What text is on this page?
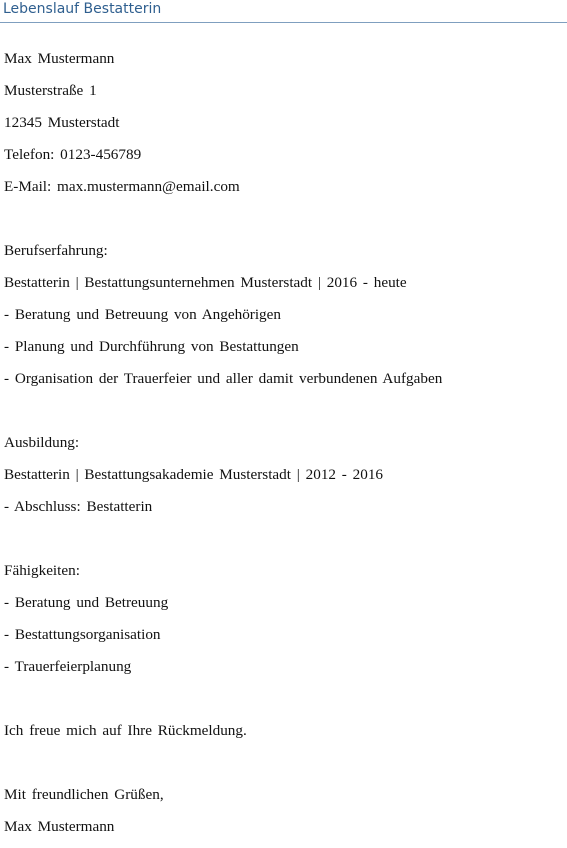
Lebenslauf Bestatterin
Max Mustermann
Musterstraße 1
12345 Musterstadt
Telefon: 0123-456789
E-Mail: max.mustermann@email.com
Berufserfahrung:
Bestatterin | Bestattungsunternehmen Musterstadt | 2016 - heute
- Beratung und Betreuung von Angehörigen
- Planung und Durchführung von Bestattungen
- Organisation der Trauerfeier und aller damit verbundenen Aufgaben
Ausbildung:
Bestatterin | Bestattungsakademie Musterstadt | 2012 - 2016
- Abschluss: Bestatterin
Fähigkeiten:
- Beratung und Betreuung
- Bestattungsorganisation
- Trauerfeierplanung
Ich freue mich auf Ihre Rückmeldung.
Mit freundlichen Grüßen,
Max Mustermann
